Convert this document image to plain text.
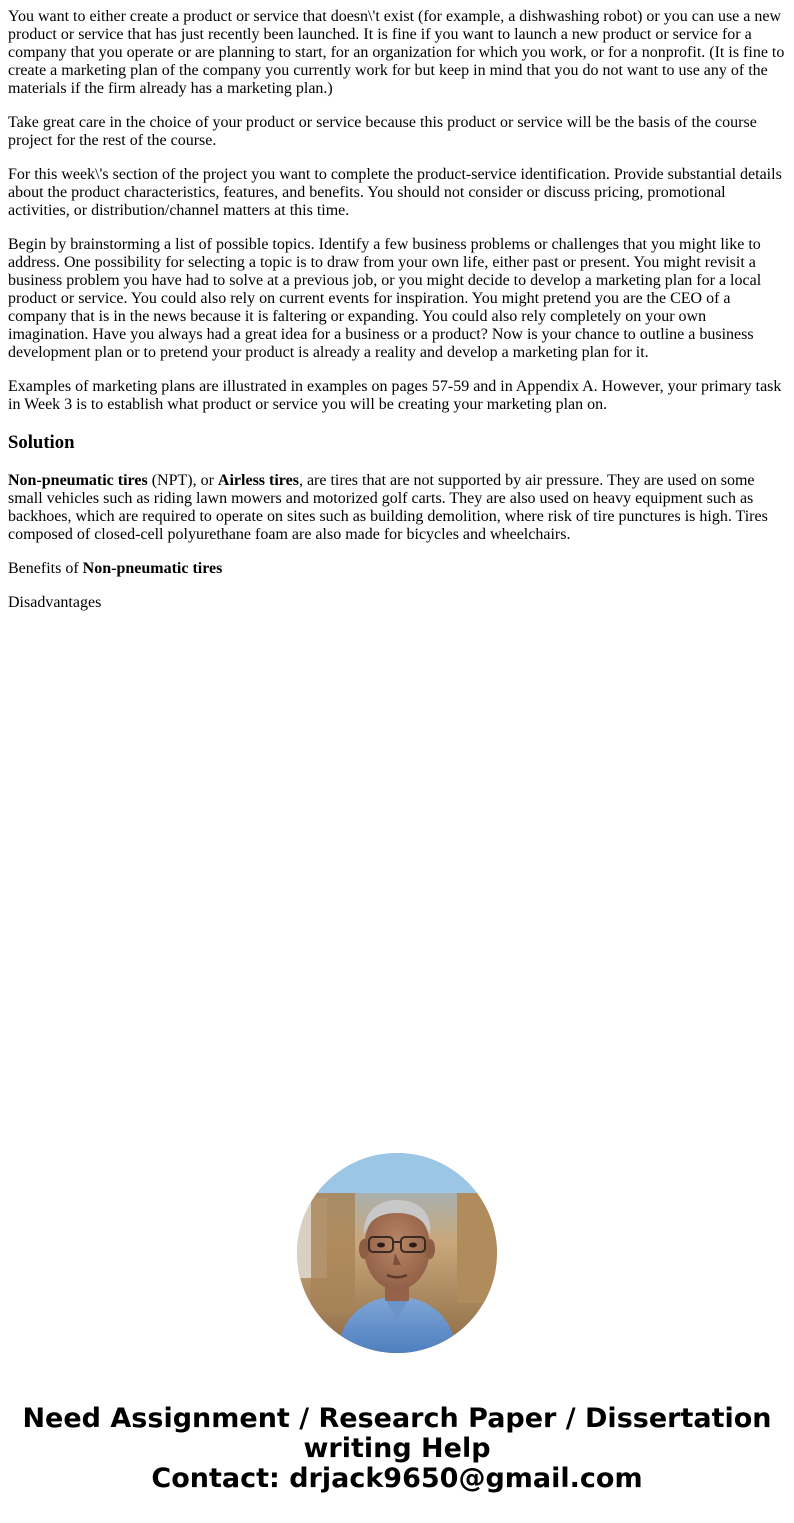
You want to either create a product or service that doesn\'t exist (for example, a dishwashing robot) or you can use a new product or service that has just recently been launched. It is fine if you want to launch a new product or service for a company that you operate or are planning to start, for an organization for which you work, or for a nonprofit. (It is fine to create a marketing plan of the company you currently work for but keep in mind that you do not want to use any of the materials if the firm already has a marketing plan.)

Take great care in the choice of your product or service because this product or service will be the basis of the course project for the rest of the course.

For this week\'s section of the project you want to complete the product-service identification. Provide substantial details about the product characteristics, features, and benefits. You should not consider or discuss pricing, promotional activities, or distribution/channel matters at this time.

Begin by brainstorming a list of possible topics. Identify a few business problems or challenges that you might like to address. One possibility for selecting a topic is to draw from your own life, either past or present. You might revisit a business problem you have had to solve at a previous job, or you might decide to develop a marketing plan for a local product or service. You could also rely on current events for inspiration. You might pretend you are the CEO of a company that is in the news because it is faltering or expanding. You could also rely completely on your own imagination. Have you always had a great idea for a business or a product? Now is your chance to outline a business development plan or to pretend your product is already a reality and develop a marketing plan for it.

Examples of marketing plans are illustrated in examples on pages 57-59 and in Appendix A. However, your primary task in Week 3 is to establish what product or service you will be creating your marketing plan on.

Solution

Non-pneumatic tires (NPT), or Airless tires, are tires that are not supported by air pressure. They are used on some small vehicles such as riding lawn mowers and motorized golf carts. They are also used on heavy equipment such as backhoes, which are required to operate on sites such as building demolition, where risk of tire punctures is high. Tires composed of closed-cell polyurethane foam are also made for bicycles and wheelchairs.

Benefits of Non-pneumatic tires

Disadvantages

Need Assignment / Research Paper / Dissertation
writing Help
Contact: drjack9650@gmail.com
